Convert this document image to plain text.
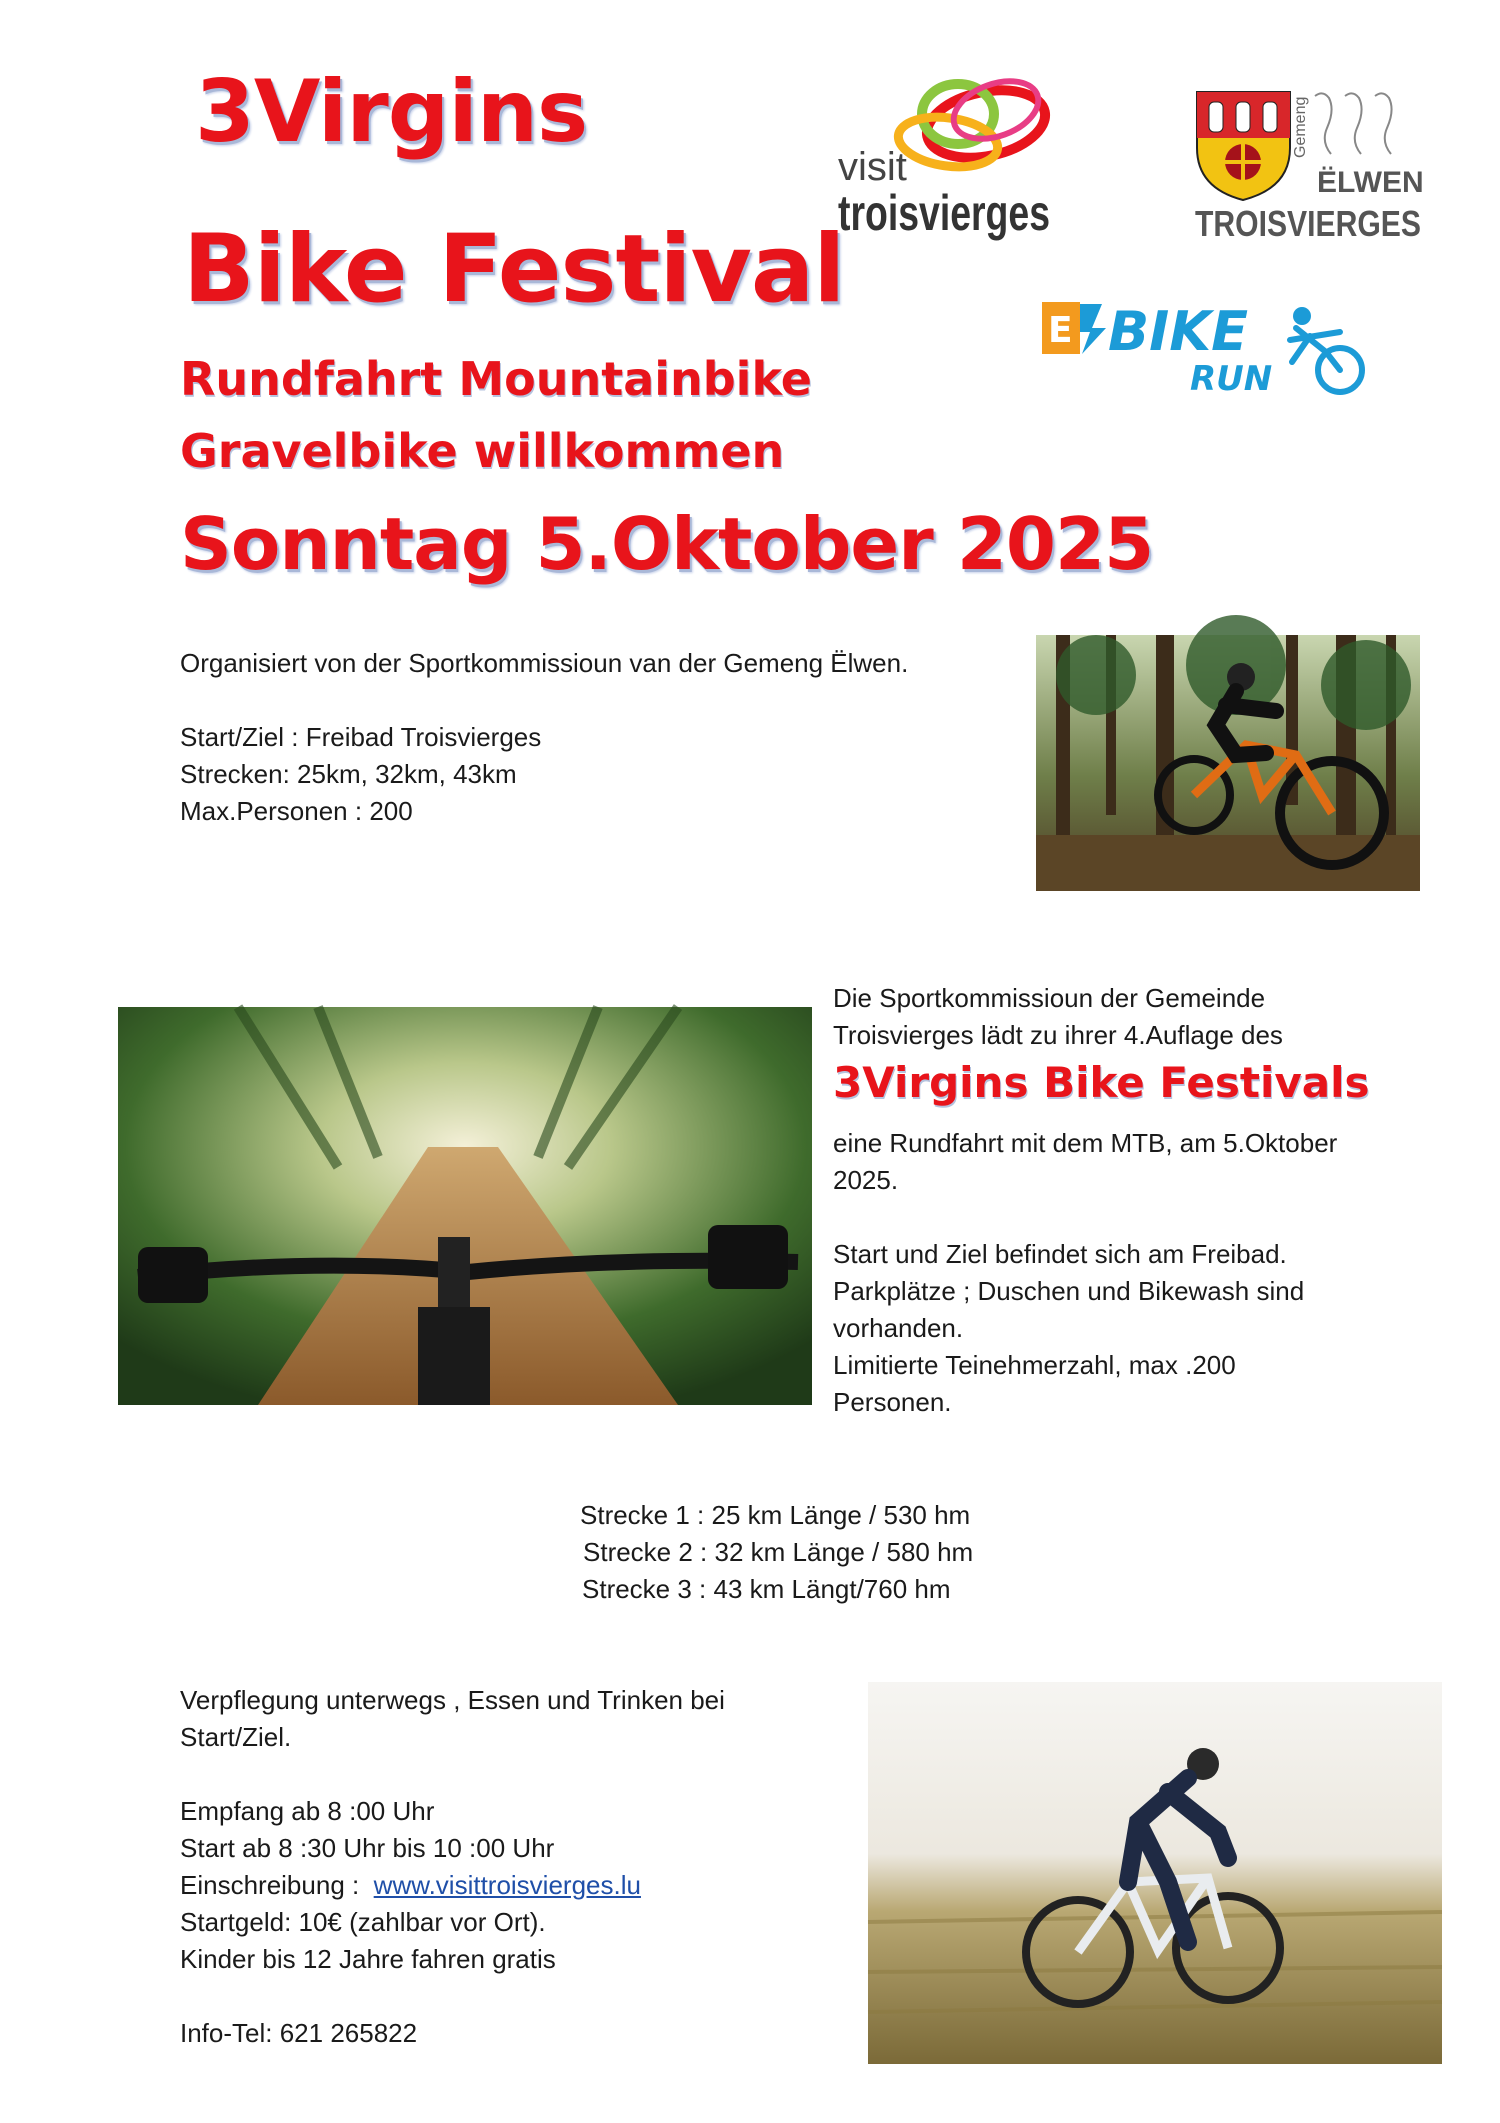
3Virgins
Bike Festival
Rundfahrt Mountainbike
Gravelbike willkommen
Sonntag 5.Oktober 2025
visit
troisvierges
Gemeng
ËLWEN
TROISVIERGES
E BIKE
RUN
Organisiert von der Sportkommissioun van der Gemeng Ëlwen.
Start/Ziel : Freibad Troisvierges
Strecken: 25km, 32km, 43km
Max.Personen : 200
Die Sportkommissioun der Gemeinde
Troisvierges lädt zu ihrer 4.Auflage des
3Virgins Bike Festivals
eine Rundfahrt mit dem MTB, am 5.Oktober
2025.
Start und Ziel befindet sich am Freibad.
Parkplätze ; Duschen und Bikewash sind
vorhanden.
Limitierte Teinehmerzahl, max .200
Personen.
Strecke 1 : 25 km Länge / 530 hm
Strecke 2 : 32 km Länge / 580 hm
Strecke 3 : 43 km Längt/760 hm
Verpflegung unterwegs , Essen und Trinken bei
Start/Ziel.
Empfang ab 8 :00 Uhr
Start ab 8 :30 Uhr bis 10 :00 Uhr
Einschreibung :  www.visittroisvierges.lu
Startgeld: 10€ (zahlbar vor Ort).
Kinder bis 12 Jahre fahren gratis
Info-Tel: 621 265822
